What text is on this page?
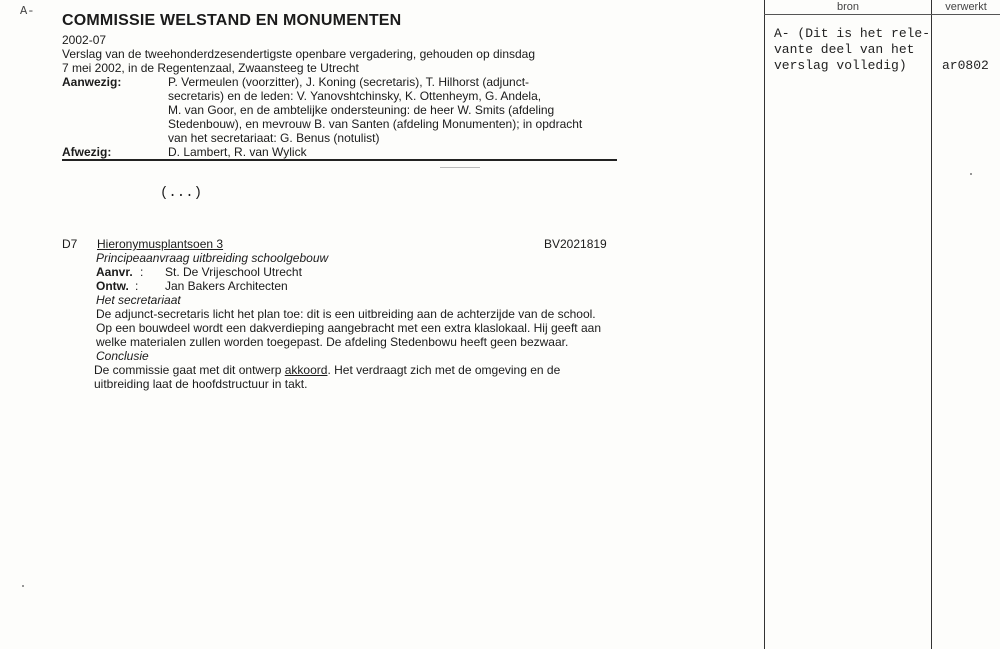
A-
COMMISSIE WELSTAND EN MONUMENTEN
2002-07
Verslag van de tweehonderdzesendertigste openbare vergadering, gehouden op dinsdag
7 mei 2002, in de Regentenzaal, Zwaansteeg te Utrecht
Aanwezig:	P. Vermeulen (voorzitter), J. Koning (secretaris), T. Hilhorst (adjunct-
secretaris) en de leden: V. Yanovshtchinsky, K. Ottenheym, G. Andela,
M. van Goor, en de ambtelijke ondersteuning: de heer W. Smits (afdeling
Stedenbouw), en mevrouw B. van Santen (afdeling Monumenten); in opdracht
van het secretariaat: G. Benus (notulist)
Afwezig:	D. Lambert, R. van Wylick
(...)
D7 Hieronymusplantsoen 3	BV2021819
Principeaanvraag uitbreiding schoolgebouw
Aanvr. : St. De Vrijeschool Utrecht
Ontw. : Jan Bakers Architecten
Het secretariaat
De adjunct-secretaris licht het plan toe: dit is een uitbreiding aan de achterzijde van de school.
Op een bouwdeel wordt een dakverdieping aangebracht met een extra klaslokaal. Hij geeft aan
welke materialen zullen worden toegepast. De afdeling Stedenbowu heeft geen bezwaar.
Conclusie
De commissie gaat met dit ontwerp akkoord. Het verdraagt zich met de omgeving en de
uitbreiding laat de hoofdstructuur in takt.
bron	verwerkt
A- (Dit is het rele-
vante deel van het
verslag volledig)	ar0802
